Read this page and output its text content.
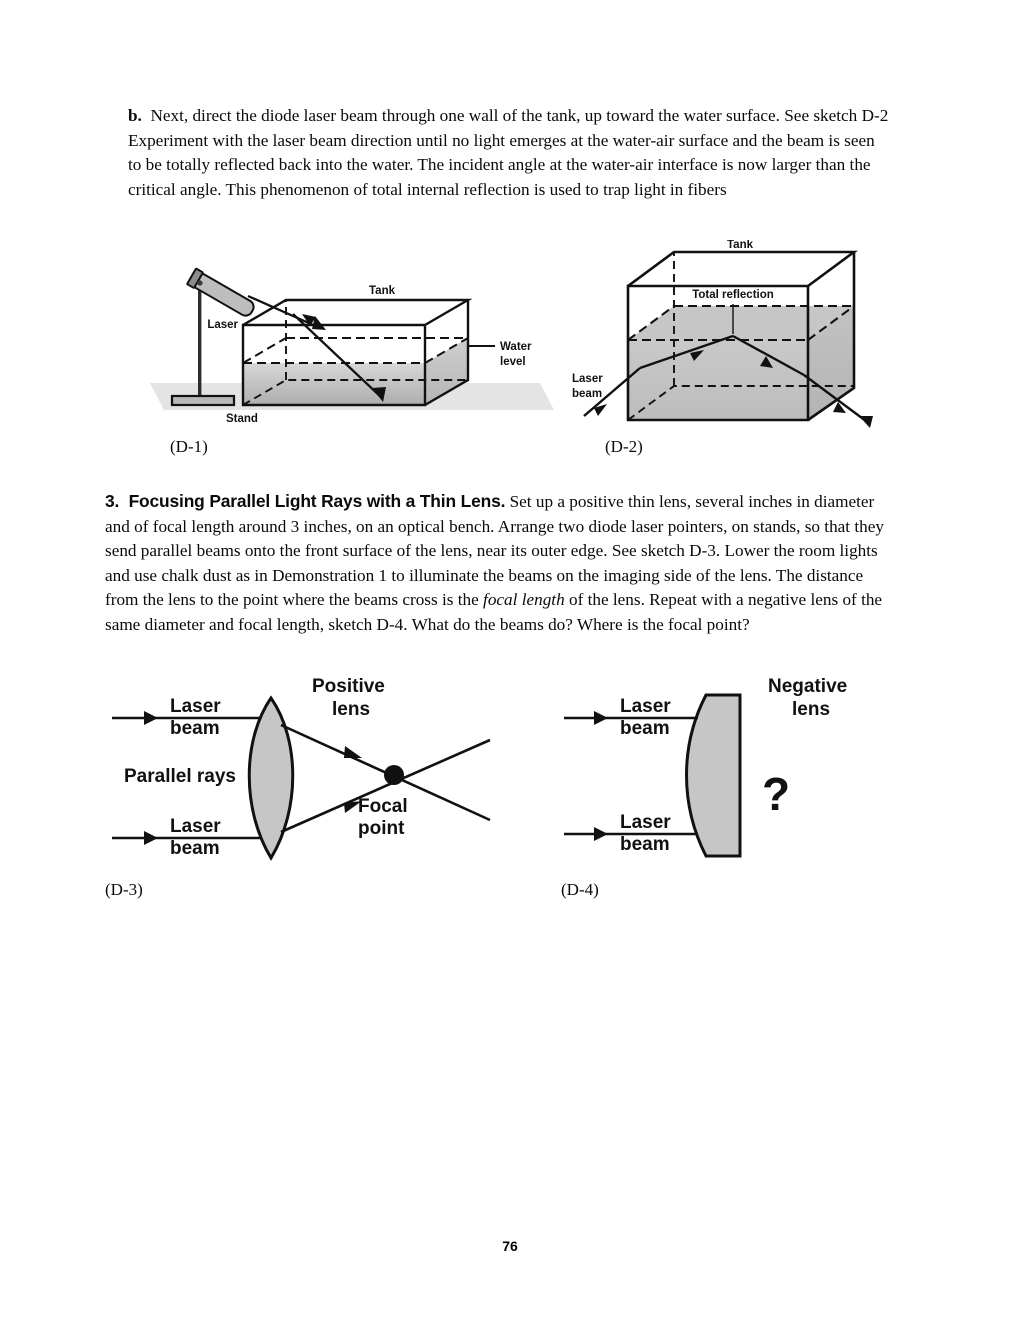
b.  Next, direct the diode laser beam through one wall of the tank, up toward the water surface. See sketch D-2  Experiment with the laser beam direction until no light emerges at the water-air surface and the beam is seen to be totally reflected back into the water. The incident angle at the water-air interface is now larger than the critical angle. This phenomenon of total internal reflection is used to trap light in fibers
Laser
Stand
Tank
Water
level
Tank
Total reflection
Laser
beam
(D-1)	(D-2)
3.  Focusing Parallel Light Rays with a Thin Lens. Set up a positive thin lens, several inches in diameter and of focal length around 3 inches, on an optical bench. Arrange two diode laser pointers, on stands, so that they send parallel beams onto the front surface of the lens, near its outer edge. See sketch D-3. Lower the room lights and use chalk dust as in Demonstration 1 to illuminate the beams on the imaging side of the lens. The distance from the lens to the point where the beams cross is the focal length of the lens. Repeat with a negative lens of the same diameter and focal length, sketch D-4. What do the beams do? Where is the focal point?
Laser
beam
Laser
beam
Parallel rays
Positive
lens
Focal
point
Laser
beam
Laser
beam
Negative
lens
?
(D-3)	(D-4)
76
